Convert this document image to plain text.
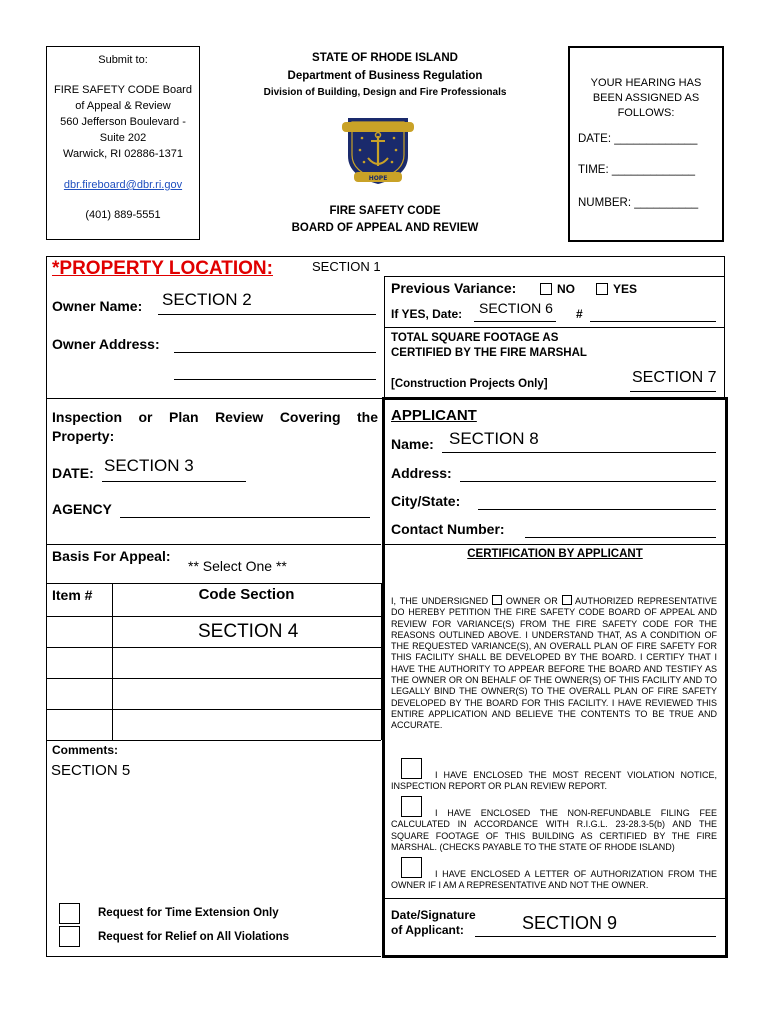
Submit to:
FIRE SAFETY CODE Board
of Appeal & Review
560 Jefferson Boulevard -
Suite 202
Warwick, RI 02886-1371
dbr.fireboard@dbr.ri.gov
(401) 889-5551
STATE OF RHODE ISLAND
Department of Business Regulation
Division of Building, Design and Fire Professionals
HOPE
FIRE SAFETY CODE
BOARD OF APPEAL AND REVIEW
YOUR HEARING HAS BEEN ASSIGNED AS FOLLOWS:
DATE: _____________
TIME: _____________
NUMBER: __________
*PROPERTY LOCATION:	SECTION 1
Owner Name: SECTION 2
Owner Address:
Previous Variance:	NO	YES
If YES, Date: SECTION 6 #
TOTAL SQUARE FOOTAGE AS
CERTIFIED BY THE FIRE MARSHAL
[Construction Projects Only]	SECTION 7
Inspection or Plan Review Covering the Property:
DATE: SECTION 3
AGENCY
Basis For Appeal:
** Select One **
Item #	Code Section
SECTION 4
Comments:
SECTION 5
Request for Time Extension Only
Request for Relief on All Violations
APPLICANT
Name: SECTION 8
Address:
City/State:
Contact Number:
CERTIFICATION BY APPLICANT
I, THE UNDERSIGNED OWNER OR AUTHORIZED REPRESENTATIVE DO HEREBY PETITION THE FIRE SAFETY CODE BOARD OF APPEAL AND REVIEW FOR VARIANCE(S) FROM THE FIRE SAFETY CODE FOR THE REASONS OUTLINED ABOVE. I UNDERSTAND THAT, AS A CONDITION OF THE REQUESTED VARIANCE(S), AN OVERALL PLAN OF FIRE SAFETY FOR THIS FACILITY SHALL BE DEVELOPED BY THE BOARD. I CERTIFY THAT I HAVE THE AUTHORITY TO APPEAR BEFORE THE BOARD AND TESTIFY AS THE OWNER OR ON BEHALF OF THE OWNER(S) OF THIS FACILITY AND TO LEGALLY BIND THE OWNER(S) TO THE OVERALL PLAN OF FIRE SAFETY DEVELOPED BY THE BOARD FOR THIS FACILITY. I HAVE REVIEWED THIS ENTIRE APPLICATION AND BELIEVE THE CONTENTS TO BE TRUE AND ACCURATE.
I HAVE ENCLOSED THE MOST RECENT VIOLATION NOTICE, INSPECTION REPORT OR PLAN REVIEW REPORT.
I HAVE ENCLOSED THE NON-REFUNDABLE FILING FEE CALCULATED IN ACCORDANCE WITH R.I.G.L. 23-28.3-5(b) AND THE SQUARE FOOTAGE OF THIS BUILDING AS CERTIFIED BY THE FIRE MARSHAL. (CHECKS PAYABLE TO THE STATE OF RHODE ISLAND)
I HAVE ENCLOSED A LETTER OF AUTHORIZATION FROM THE OWNER IF I AM A REPRESENTATIVE AND NOT THE OWNER.
Date/Signature
of Applicant:	SECTION 9
